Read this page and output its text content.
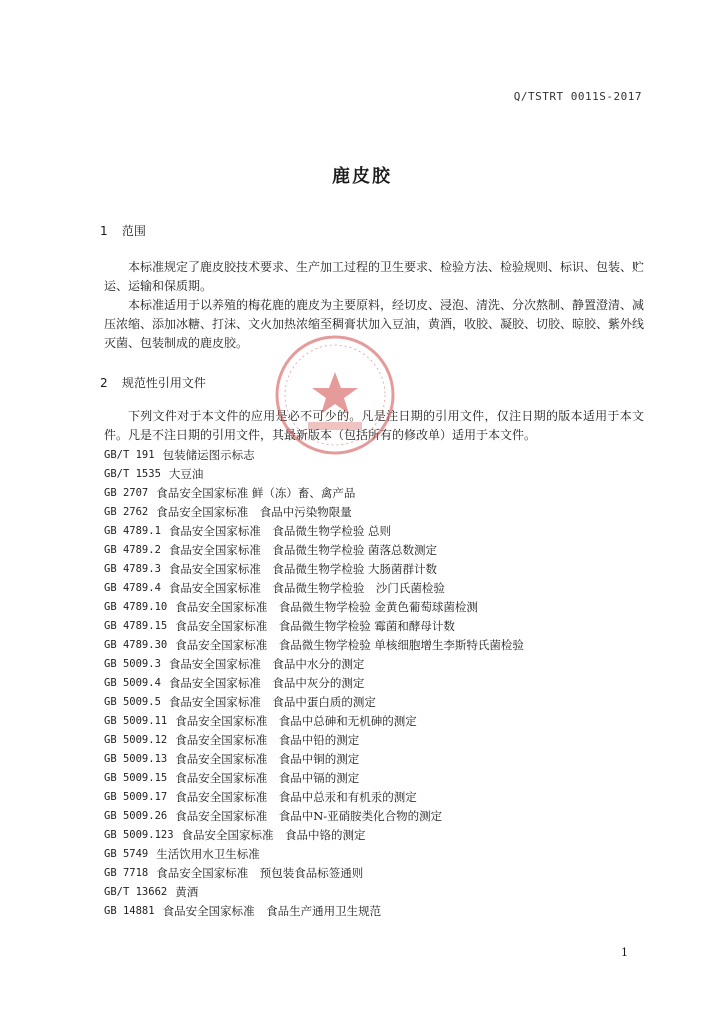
Q/TSTRT 0011S-2017
鹿皮胶
1 范围

本标准规定了鹿皮胶技术要求、生产加工过程的卫生要求、检验方法、检验规则、标识、包装、贮运、运输和保质期。

本标准适用于以养殖的梅花鹿的鹿皮为主要原料，经切皮、浸泡、清洗、分次熬制、静置澄清、减压浓缩、添加冰糖、打沫、文火加热浓缩至稠膏状加入豆油，黄酒，收胶、凝胶、切胶、晾胶、紫外线灭菌、包装制成的鹿皮胶。

2 规范性引用文件

下列文件对于本文件的应用是必不可少的。凡是注日期的引用文件，仅注日期的版本适用于本文件。凡是不注日期的引用文件，其最新版本（包括所有的修改单）适用于本文件。

GB/T 191 包装储运图示标志
GB/T 1535 大豆油
GB 2707 食品安全国家标准 鲜（冻）畜、禽产品
GB 2762 食品安全国家标准　食品中污染物限量
GB 4789.1 食品安全国家标准　食品微生物学检验 总则
GB 4789.2 食品安全国家标准　食品微生物学检验 菌落总数测定
GB 4789.3 食品安全国家标准　食品微生物学检验 大肠菌群计数
GB 4789.4 食品安全国家标准　食品微生物学检验　沙门氏菌检验
GB 4789.10 食品安全国家标准　食品微生物学检验 金黄色葡萄球菌检测
GB 4789.15 食品安全国家标准　食品微生物学检验 霉菌和酵母计数
GB 4789.30 食品安全国家标准　食品微生物学检验 单核细胞增生李斯特氏菌检验
GB 5009.3 食品安全国家标准　食品中水分的测定
GB 5009.4 食品安全国家标准　食品中灰分的测定
GB 5009.5 食品安全国家标准　食品中蛋白质的测定
GB 5009.11 食品安全国家标准　食品中总砷和无机砷的测定
GB 5009.12 食品安全国家标准　食品中铅的测定
GB 5009.13 食品安全国家标准　食品中铜的测定
GB 5009.15 食品安全国家标准　食品中镉的测定
GB 5009.17 食品安全国家标准　食品中总汞和有机汞的测定
GB 5009.26 食品安全国家标准　食品中N-亚硝胺类化合物的测定
GB 5009.123 食品安全国家标准　食品中铬的测定
GB 5749 生活饮用水卫生标准
GB 7718 食品安全国家标准　预包装食品标签通则
GB/T 13662 黄酒
GB 14881 食品安全国家标准　食品生产通用卫生规范
1
